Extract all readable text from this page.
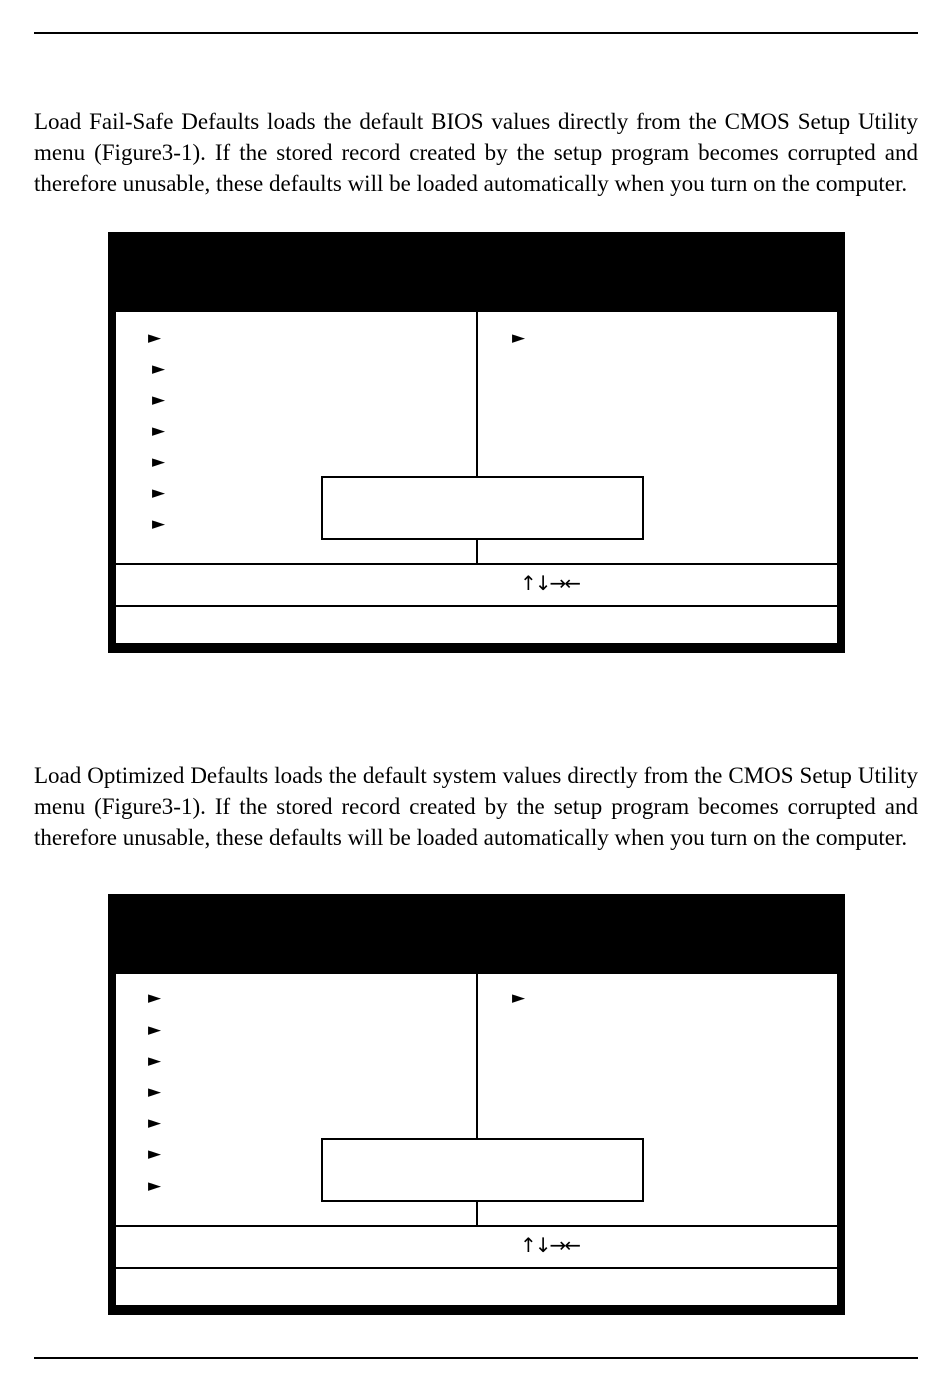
Load Fail-Safe Defaults loads the default BIOS values directly from the CMOS Setup Utility menu (Figure3-1). If the stored record created by the setup program becomes corrupted and therefore unusable, these defaults will be loaded automatically when you turn on the computer.

►
►
►
►
►
►
►
►
↑↓→←

Load Optimized Defaults loads the default system values directly from the CMOS Setup Utility menu (Figure3-1). If the stored record created by the setup program becomes corrupted and therefore unusable, these defaults will be loaded automatically when you turn on the computer.

►
►
►
►
►
►
►
►
↑↓→←
